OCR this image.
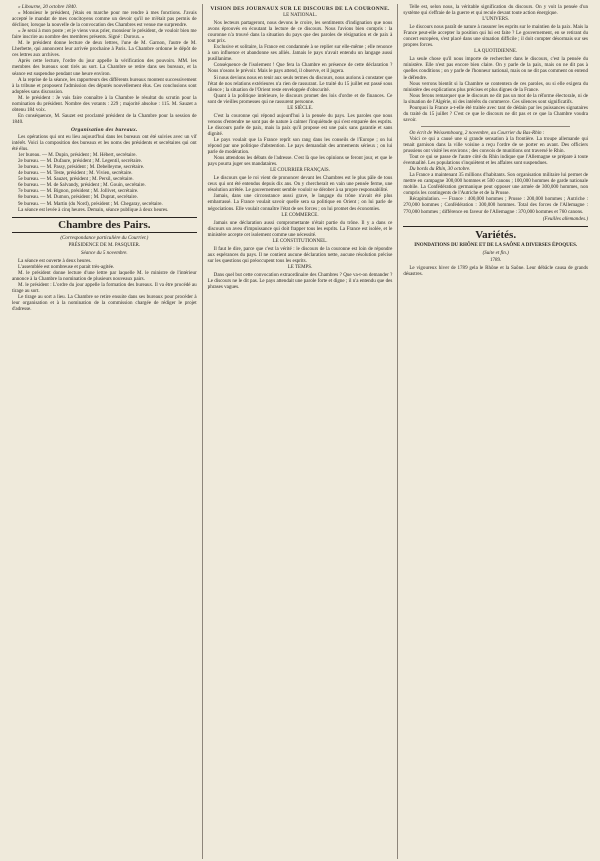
« Libourne, 20 octobre 1840.

« Monsieur le président, j'étais en marche pour me rendre à mes fonctions. J'avais accepté le mandat de mes concitoyens comme un devoir qu'il ne m'était pas permis de décliner, lorsque la nouvelle de la convocation des Chambres est venue me surprendre.

« Je serai à mon poste ; et je viens vous prier, monsieur le président, de vouloir bien me faire inscrire au nombre des membres présents. Signé : Duroux. »

M. le président donne lecture de deux lettres, l'une de M. Garnon, l'autre de M. Lherbette, qui annoncent leur arrivée prochaine à Paris. La Chambre ordonne le dépôt de ces lettres aux archives.

Après cette lecture, l'ordre du jour appelle la vérification des pouvoirs. MM. les membres des bureaux sont tirés au sort. La Chambre se retire dans ses bureaux, et la séance est suspendue pendant une heure environ.

A la reprise de la séance, les rapporteurs des différents bureaux montent successivement à la tribune et proposent l'admission des députés nouvellement élus. Ces conclusions sont adoptées sans discussion.

M. le président : Je vais faire connaître à la Chambre le résultat du scrutin pour la nomination du président. Nombre des votants : 229 ; majorité absolue : 115. M. Sauzet a obtenu 184 voix.

En conséquence, M. Sauzet est proclamé président de la Chambre pour la session de 1840.

Organisation des bureaux.

Les opérations qui ont eu lieu aujourd'hui dans les bureaux ont été suivies avec un vif intérêt. Voici la composition des bureaux et les noms des présidents et secrétaires qui ont été élus.

1er bureau. — M. Dupin, président ; M. Hébert, secrétaire.

2e bureau. — M. Dufaure, président ; M. Legentil, secrétaire.

3e bureau. — M. Passy, président ; M. Debelleyme, secrétaire.

4e bureau. — M. Teste, président ; M. Vivien, secrétaire.

5e bureau. — M. Sauzet, président ; M. Persil, secrétaire.

6e bureau. — M. de Salvandy, président ; M. Gouin, secrétaire.

7e bureau. — M. Bignon, président ; M. Jollivet, secrétaire.

8e bureau. — M. Dumon, président ; M. Duprat, secrétaire.

9e bureau. — M. Martin (du Nord), président ; M. Chegaray, secrétaire.

La séance est levée à cinq heures. Demain, séance publique à deux heures.

Chambre des Pairs.
(Correspondance particulière du Courrier.)
PRÉSIDENCE DE M. PASQUIER.
Séance du 5 novembre.

La séance est ouverte à deux heures.

L'assemblée est nombreuse et parait très-agitée.

M. le président donne lecture d'une lettre par laquelle M. le ministre de l'intérieur annonce à la Chambre la nomination de plusieurs nouveaux pairs.

M. le président : L'ordre du jour appelle la formation des bureaux. Il va être procédé au tirage au sort.

Le tirage au sort a lieu. La Chambre se retire ensuite dans ses bureaux pour procéder à leur organisation et à la nomination de la commission chargée de rédiger le projet d'adresse.

VISION DES JOURNAUX SUR LE DISCOURS DE LA COURONNE.
LE NATIONAL.

Nos lecteurs partageront, nous devons le croire, les sentiments d'indignation que nous avons éprouvés en écoutant la lecture de ce discours. Nous l'avions bien compris : la couronne n'a trouvé dans la situation du pays que des paroles de résignation et de paix à tout prix.

Exclusive et solitaire, la France est condamnée à se replier sur elle-même ; elle renonce à son influence et abandonne ses alliés. Jamais le pays n'avait entendu un langage aussi pusillanime.

Conséquence de l'isolement ! Que fera la Chambre en présence de cette déclaration ? Nous n'osons le prévoir. Mais le pays attend, il observe, et il jugera.

Si nous devions nous en tenir aux seuls termes du discours, nous aurions à constater que l'état de nos relations extérieures n'a rien de rassurant. Le traité du 15 juillet est passé sous silence ; la situation de l'Orient reste enveloppée d'obscurité.

Quant à la politique intérieure, le discours promet des lois d'ordre et de finances. Ce sont de vieilles promesses qui ne rassurent personne.

LE SIÈCLE.

C'est la couronne qui répond aujourd'hui à la pensée du pays. Les paroles que nous venons d'entendre ne sont pas de nature à calmer l'inquiétude qui s'est emparée des esprits. Le discours parle de paix, mais la paix qu'il propose est une paix sans garantie et sans dignité.

Le pays voulait que la France reprît son rang dans les conseils de l'Europe ; on lui répond par une politique d'abstention. Le pays demandait des armements sérieux ; on lui parle de modération.

Nous attendons les débats de l'adresse. C'est là que les opinions se feront jour, et que le pays pourra juger ses mandataires.

LE COURRIER FRANÇAIS.

Le discours que le roi vient de prononcer devant les Chambres est le plus pâle de tous ceux qui ont été entendus depuis dix ans. On y chercherait en vain une pensée ferme, une résolution arrêtée. Le gouvernement semble vouloir se dérober à sa propre responsabilité.

Jamais, dans une circonstance aussi grave, le langage du trône n'avait été plus embarrassé. La France voulait savoir quelle sera sa politique en Orient ; on lui parle de négociations. Elle voulait connaître l'état de ses forces ; on lui promet des économies.

LE COMMERCE.

Jamais une déclaration aussi compromettante n'était partie du trône. Il y a dans ce discours un aveu d'impuissance qui doit frapper tous les esprits. La France est isolée, et le ministère accepte cet isolement comme une nécessité.

LE CONSTITUTIONNEL.

Il faut le dire, parce que c'est la vérité : le discours de la couronne est loin de répondre aux espérances du pays. Il ne contient aucune déclaration nette, aucune résolution précise sur les questions qui préoccupent tous les esprits.

LE TEMPS.

Dans quel but cette convocation extraordinaire des Chambres ? Que va-t-on demander ? Le discours ne le dit pas. Le pays attendait une parole forte et digne ; il n'a entendu que des phrases vagues.

Telle est, selon nous, la véritable signification du discours. On y voit la pensée d'un système qui s'effraie de la guerre et qui recule devant toute action énergique.

L'UNIVERS.

Le discours nous paraît de nature à rassurer les esprits sur le maintien de la paix. Mais la France peut-elle accepter la position qui lui est faite ? Le gouvernement, en se retirant du concert européen, s'est placé dans une situation difficile ; il doit compter désormais sur ses propres forces.

LA QUOTIDIENNE.

La seule chose qu'il nous importe de rechercher dans le discours, c'est la pensée du ministère. Elle n'est pas encore bien claire. On y parle de la paix, mais on ne dit pas à quelles conditions ; on y parle de l'honneur national, mais on ne dit pas comment on entend le défendre.

Nous verrons bientôt si la Chambre se contentera de ces paroles, ou si elle exigera du ministère des explications plus précises et plus dignes de la France.

Nous ferons remarquer que le discours ne dit pas un mot de la réforme électorale, ni de la situation de l'Algérie, ni des intérêts du commerce. Ces silences sont significatifs.

Pourquoi la France a-t-elle été traitée avec tant de dédain par les puissances signataires du traité du 15 juillet ? C'est ce que le discours ne dit pas et ce que la Chambre voudra savoir.

On écrit de Weissembourg, 2 novembre, au Courrier du Bas-Rhin :

Voici ce qui a causé une si grande sensation à la frontière. La troupe allemande qui tenait garnison dans la ville voisine a reçu l'ordre de se porter en avant. Des officiers prussiens ont visité les environs ; des convois de munitions ont traversé le Rhin.

Tout ce qui se passe de l'autre côté du Rhin indique que l'Allemagne se prépare à toute éventualité. Les populations s'inquiètent et les affaires sont suspendues.

Du bords du Rhin, 30 octobre.

La France a maintenant 35 millions d'habitants. Son organisation militaire lui permet de mettre en campagne 300,000 hommes et 500 canons ; 100,000 hommes de garde nationale mobile. La Confédération germanique peut opposer une armée de 300,000 hommes, non compris les contingents de l'Autriche et de la Prusse.

Récapitulation. — France : 400,000 hommes ; Prusse : 200,000 hommes ; Autriche : 270,000 hommes ; Confédération : 300,000 hommes. Total des forces de l'Allemagne : 770,000 hommes ; différence en faveur de l'Allemagne : 370,000 hommes et 760 canons.

(Feuilles allemandes.)
Variétés.
INONDATIONS DU RHÔNE ET DE LA SAÔNE A DIVERSES ÉPOQUES.
(Suite et fin.)
1789.

Le vigoureux hiver de 1789 gela le Rhône et la Saône. Leur débâcle causa de grands désastres.
